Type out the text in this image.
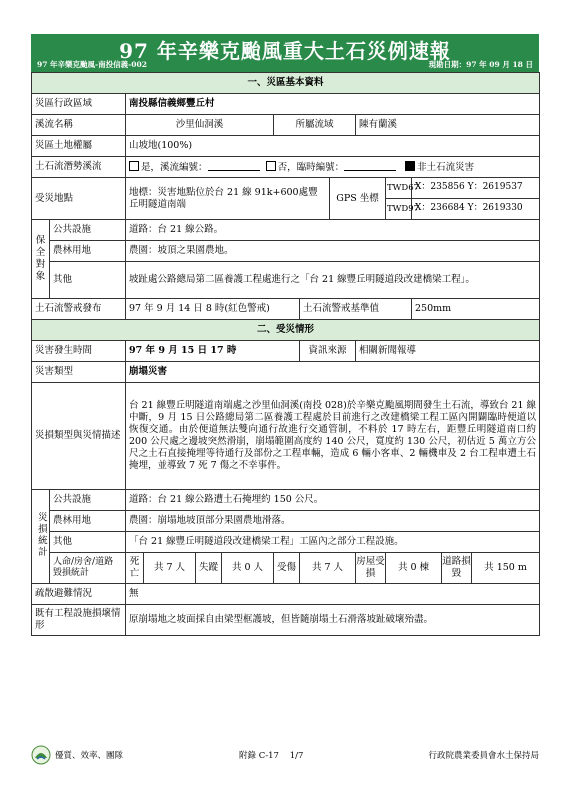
97 年辛樂克颱風重大土石災例速報
97 年辛樂克颱風-南投信義-002	現勘日期：97 年 09 月 18 日
一、災區基本資料													
災區行政區域		南投縣信義鄉豐丘村											
溪流名稱		沙里仙洞溪				所屬流域			陳有蘭溪				
災區土地權屬		山坡地(100%)											
土石流潛勢溪流		是，溪流編號： 否，臨時編號： 非土石流災害											
受災地點		地標：災害地點位於台 21 線 91k+600處豐丘明隧道南端						GPS 坐標		TWD67	X：235856 Y：2619537		
										TWD97	X：236684 Y：2619330		
保全對象	公共設施	道路：台 21 線公路。											
	農林用地	農園：坡頂之果園農地。											
	其他	坡趾處公路總局第二區養護工程處進行之「台 21 線豐丘明隧道段改建橋梁工程」。											
土石流警戒發布		97 年 9 月 14 日 8 時(紅色警戒)					土石流警戒基準值				250mm		
二、受災情形													
災害發生時間		97 年 9 月 15 日 17 時					資訊來源		相關新聞報導				
災害類型		崩塌災害											
災損類型與災情描述		台 21 線豐丘明隧道南端處之沙里仙洞溪(南投 028)於辛樂克颱風期間發生土石流，導致台 21 線中斷，9 月 15 日公路總局第二區養護工程處於目前進行之改建橋梁工程工區內開闢臨時便道以恢復交通。由於便道無法雙向通行故進行交通管制，不料於 17 時左右，距豐丘明隧道南口約 200 公尺處之邊坡突然滑崩，崩塌範圍高度約 140 公尺，寬度約 130 公尺，初估近 5 萬立方公尺之土石直接掩埋等待通行及部份之工程車輛，造成 6 輛小客車、2 輛機車及 2 台工程車遭土石掩埋，並導致 7 死 7 傷之不幸事件。											
災損統計	公共設施	道路：台 21 線公路遭土石掩埋約 150 公尺。											
	農林用地	農園：崩塌地坡頂部分果園農地滑落。											
	其他	「台 21 線豐丘明隧道段改建橋梁工程」工區內之部分工程設施。											
	人命/房舍/道路毀損統計	死亡	共 7 人	失蹤	共 0 人	受傷	共 7 人		房屋受損	共 0 棟		道路損毀	共 150 m
疏散避難情況		無											
既有工程設施損壞情形		原崩塌地之坡面採自由梁型框護坡，但皆隨崩塌土石滑落坡趾破壞殆盡。											
優質、效率、團隊	附錄 C-17 1/7	行政院農業委員會水土保持局
